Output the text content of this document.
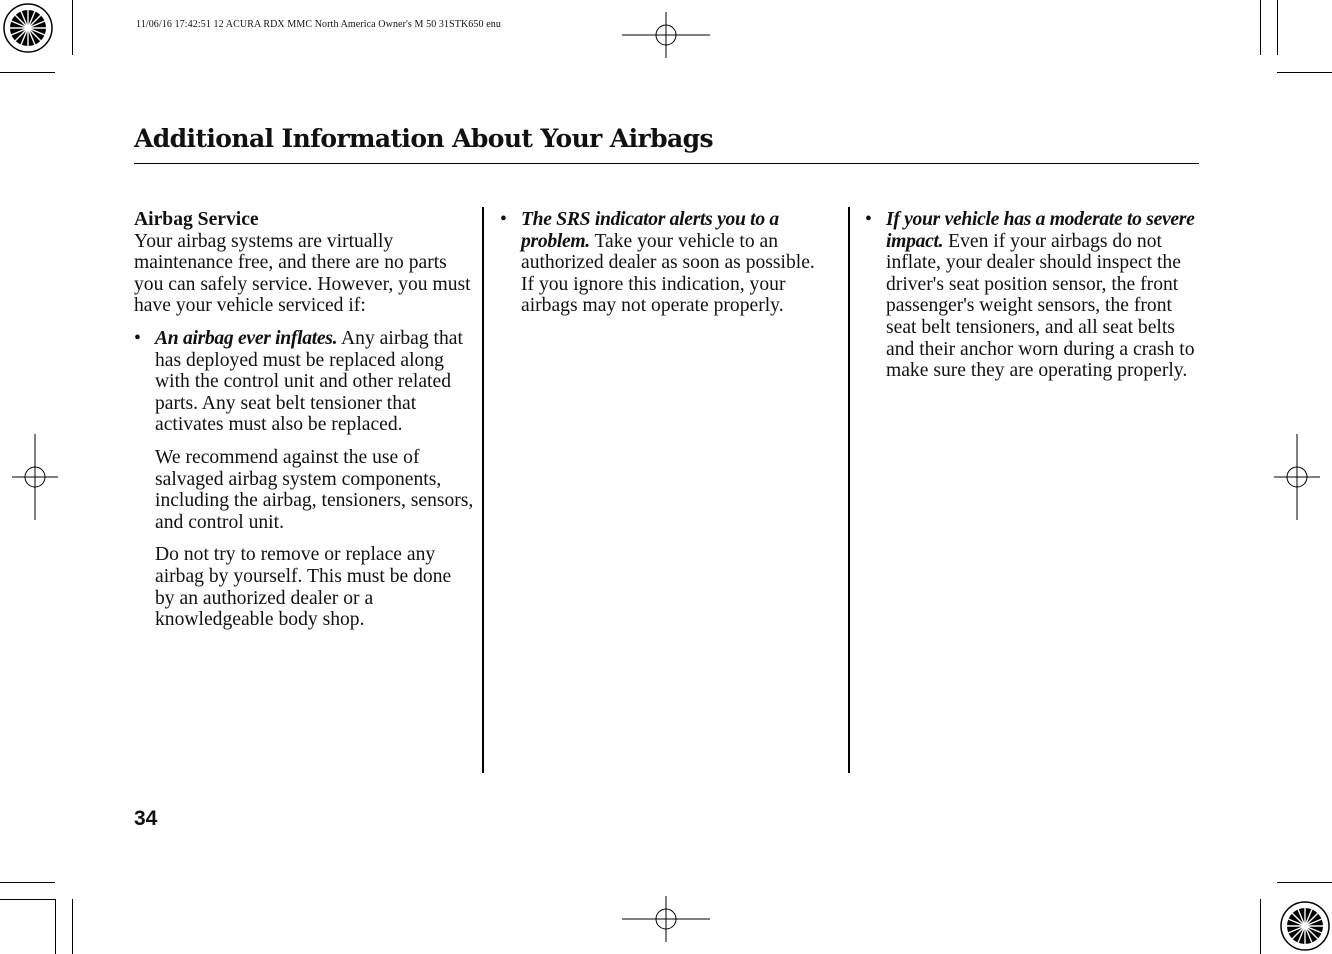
11/06/16 17:42:51 12 ACURA RDX MMC North America Owner's M 50 31STK650 enu
Additional Information About Your Airbags

Airbag Service

Your airbag systems are virtually maintenance free, and there are no parts you can safely service. However, you must have your vehicle serviced if:

• An airbag ever inflates. Any airbag that has deployed must be replaced along with the control unit and other related parts. Any seat belt tensioner that activates must also be replaced.

We recommend against the use of salvaged airbag system components, including the airbag, tensioners, sensors, and control unit.

Do not try to remove or replace any airbag by yourself. This must be done by an authorized dealer or a knowledgeable body shop.

• The SRS indicator alerts you to a problem. Take your vehicle to an authorized dealer as soon as possible. If you ignore this indication, your airbags may not operate properly.
• If your vehicle has a moderate to severe impact. Even if your airbags do not inflate, your dealer should inspect the driver's seat position sensor, the front passenger's weight sensors, the front seat belt tensioners, and all seat belts and their anchor worn during a crash to make sure they are operating properly.
34
